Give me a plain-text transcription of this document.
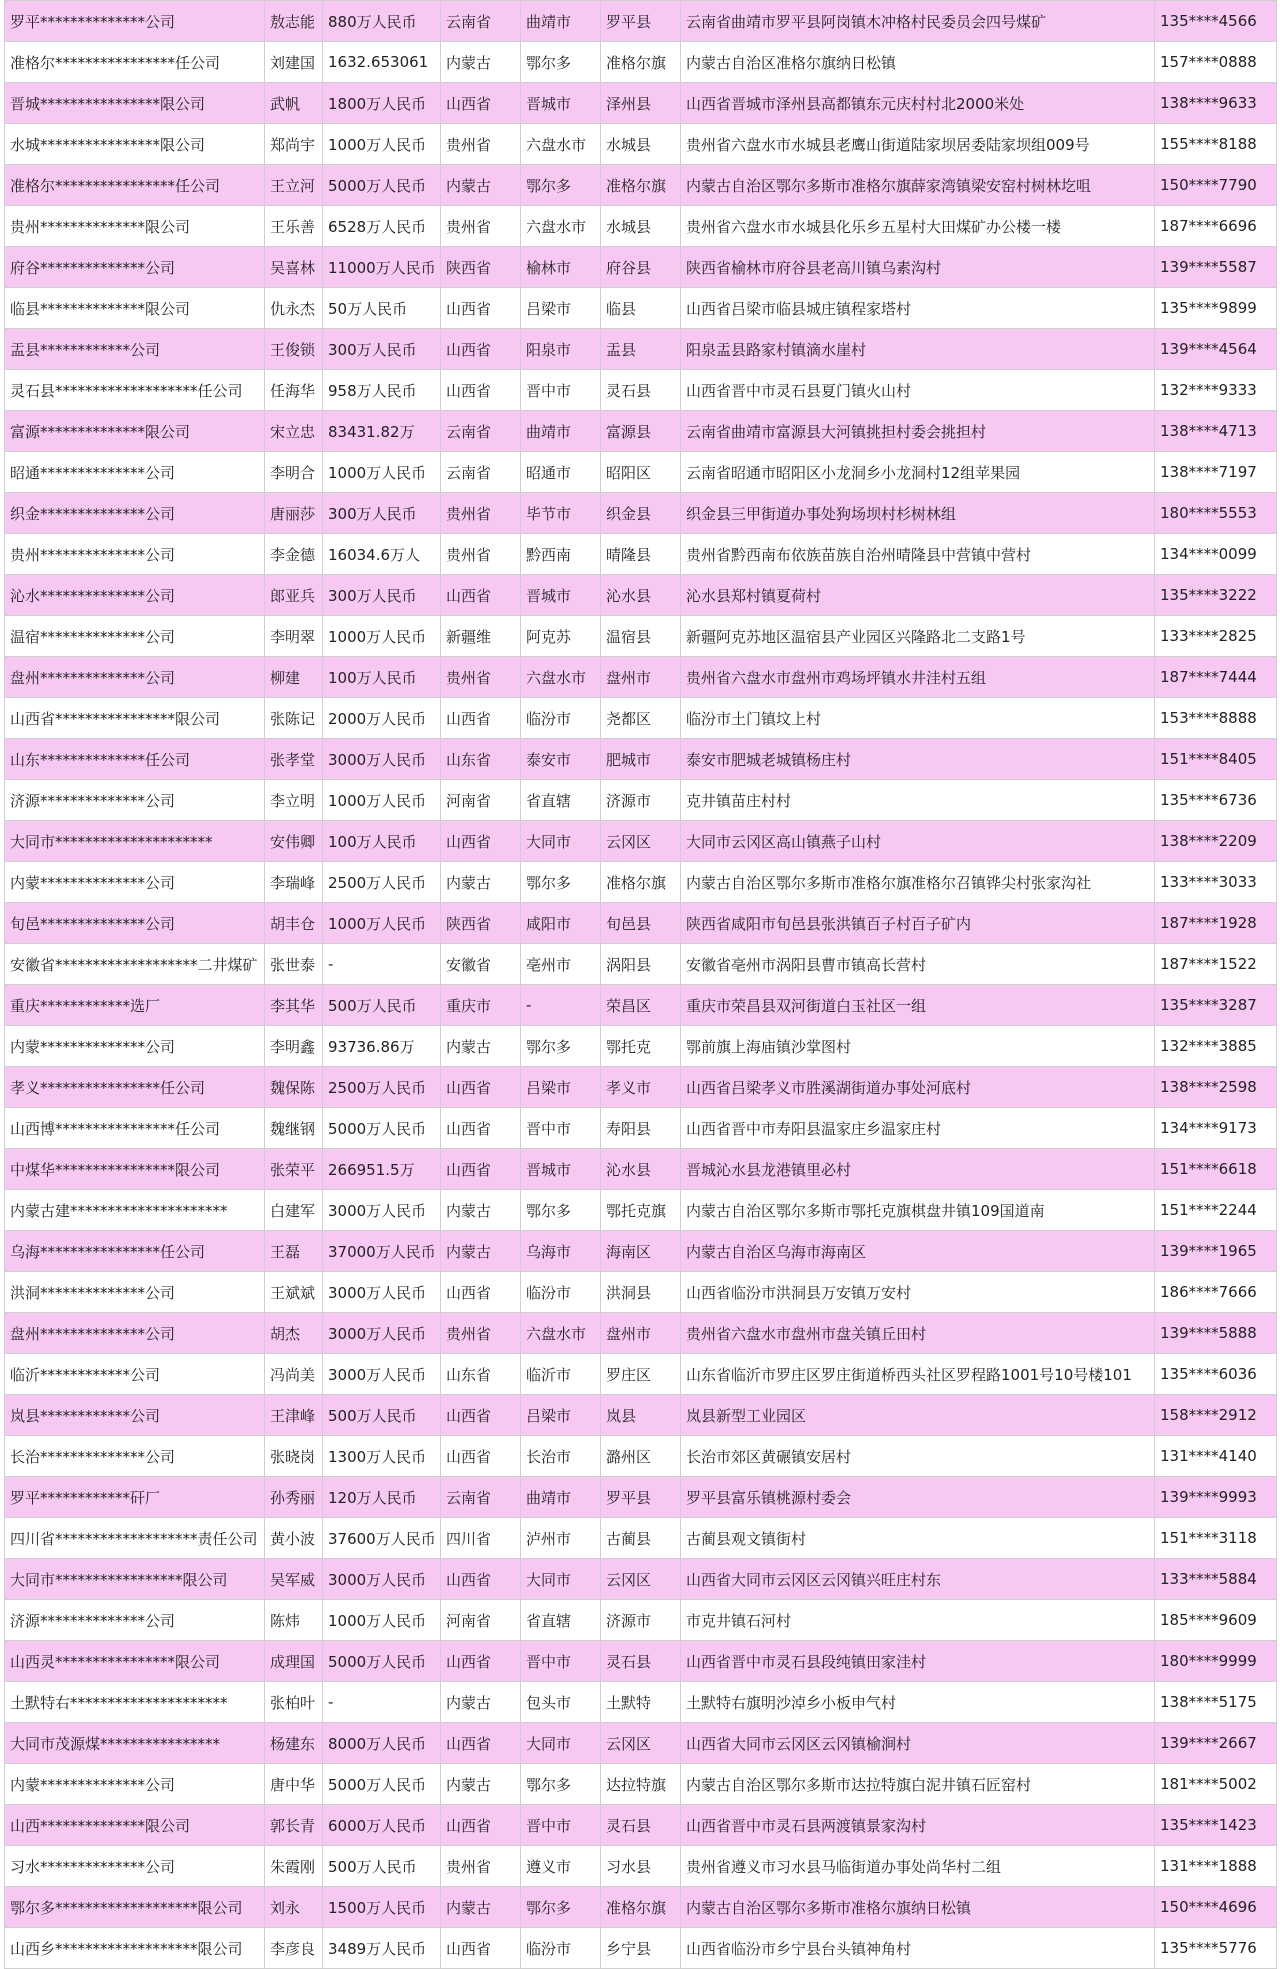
罗平**************公司	敖志能	880万人民币	云南省	曲靖市	罗平县	云南省曲靖市罗平县阿岗镇木冲格村民委员会四号煤矿	135****4566
准格尔****************任公司	刘建国	1632.653061	内蒙古	鄂尔多	准格尔旗	内蒙古自治区准格尔旗纳日松镇	157****0888
晋城****************限公司	武帆	1800万人民币	山西省	晋城市	泽州县	山西省晋城市泽州县高都镇东元庆村村北2000米处	138****9633
水城****************限公司	郑尚宇	1000万人民币	贵州省	六盘水市	水城县	贵州省六盘水市水城县老鹰山街道陆家坝居委陆家坝组009号	155****8188
准格尔****************任公司	王立河	5000万人民币	内蒙古	鄂尔多	准格尔旗	内蒙古自治区鄂尔多斯市准格尔旗薛家湾镇梁安窑村树林圪咀	150****7790
贵州**************限公司	王乐善	6528万人民币	贵州省	六盘水市	水城县	贵州省六盘水市水城县化乐乡五星村大田煤矿办公楼一楼	187****6696
府谷**************公司	吴喜林	11000万人民币	陕西省	榆林市	府谷县	陕西省榆林市府谷县老高川镇乌素沟村	139****5587
临县**************限公司	仇永杰	50万人民币	山西省	吕梁市	临县	山西省吕梁市临县城庄镇程家塔村	135****9899
盂县************公司	王俊锁	300万人民币	山西省	阳泉市	盂县	阳泉盂县路家村镇滴水崖村	139****4564
灵石县*******************任公司	任海华	958万人民币	山西省	晋中市	灵石县	山西省晋中市灵石县夏门镇火山村	132****9333
富源**************限公司	宋立忠	83431.82万	云南省	曲靖市	富源县	云南省曲靖市富源县大河镇挑担村委会挑担村	138****4713
昭通**************公司	李明合	1000万人民币	云南省	昭通市	昭阳区	云南省昭通市昭阳区小龙洞乡小龙洞村12组苹果园	138****7197
织金**************公司	唐丽莎	300万人民币	贵州省	毕节市	织金县	织金县三甲街道办事处狗场坝村杉树林组	180****5553
贵州**************公司	李金德	16034.6万人	贵州省	黔西南	晴隆县	贵州省黔西南布依族苗族自治州晴隆县中营镇中营村	134****0099
沁水**************公司	郎亚兵	300万人民币	山西省	晋城市	沁水县	沁水县郑村镇夏荷村	135****3222
温宿**************公司	李明翠	1000万人民币	新疆维	阿克苏	温宿县	新疆阿克苏地区温宿县产业园区兴隆路北二支路1号	133****2825
盘州**************公司	柳建	100万人民币	贵州省	六盘水市	盘州市	贵州省六盘水市盘州市鸡场坪镇水井洼村五组	187****7444
山西省****************限公司	张陈记	2000万人民币	山西省	临汾市	尧都区	临汾市土门镇坟上村	153****8888
山东**************任公司	张孝堂	3000万人民币	山东省	泰安市	肥城市	泰安市肥城老城镇杨庄村	151****8405
济源**************公司	李立明	1000万人民币	河南省	省直辖	济源市	克井镇苗庄村村	135****6736
大同市*********************	安伟卿	100万人民币	山西省	大同市	云冈区	大同市云冈区高山镇燕子山村	138****2209
内蒙**************公司	李瑞峰	2500万人民币	内蒙古	鄂尔多	准格尔旗	内蒙古自治区鄂尔多斯市准格尔旗准格尔召镇铧尖村张家沟社	133****3033
旬邑**************公司	胡丰仓	1000万人民币	陕西省	咸阳市	旬邑县	陕西省咸阳市旬邑县张洪镇百子村百子矿内	187****1928
安徽省*******************二井煤矿	张世泰	-	安徽省	亳州市	涡阳县	安徽省亳州市涡阳县曹市镇高长营村	187****1522
重庆************选厂	李其华	500万人民币	重庆市	-	荣昌区	重庆市荣昌县双河街道白玉社区一组	135****3287
内蒙**************公司	李明鑫	93736.86万	内蒙古	鄂尔多	鄂托克	鄂前旗上海庙镇沙掌图村	132****3885
孝义****************任公司	魏保陈	2500万人民币	山西省	吕梁市	孝义市	山西省吕梁孝义市胜溪湖街道办事处河底村	138****2598
山西博****************任公司	魏继钢	5000万人民币	山西省	晋中市	寿阳县	山西省晋中市寿阳县温家庄乡温家庄村	134****9173
中煤华****************限公司	张荣平	266951.5万	山西省	晋城市	沁水县	晋城沁水县龙港镇里必村	151****6618
内蒙古建*********************	白建军	3000万人民币	内蒙古	鄂尔多	鄂托克旗	内蒙古自治区鄂尔多斯市鄂托克旗棋盘井镇109国道南	151****2244
乌海****************任公司	王磊	37000万人民币	内蒙古	乌海市	海南区	内蒙古自治区乌海市海南区	139****1965
洪洞**************公司	王斌斌	3000万人民币	山西省	临汾市	洪洞县	山西省临汾市洪洞县万安镇万安村	186****7666
盘州**************公司	胡杰	3000万人民币	贵州省	六盘水市	盘州市	贵州省六盘水市盘州市盘关镇丘田村	139****5888
临沂************公司	冯尚美	3000万人民币	山东省	临沂市	罗庄区	山东省临沂市罗庄区罗庄街道桥西头社区罗程路1001号10号楼101	135****6036
岚县************公司	王津峰	500万人民币	山西省	吕梁市	岚县	岚县新型工业园区	158****2912
长治**************公司	张晓岗	1300万人民币	山西省	长治市	潞州区	长治市郊区黄碾镇安居村	131****4140
罗平************矸厂	孙秀丽	120万人民币	云南省	曲靖市	罗平县	罗平县富乐镇桃源村委会	139****9993
四川省*******************责任公司	黄小波	37600万人民币	四川省	泸州市	古蔺县	古蔺县观文镇街村	151****3118
大同市*****************限公司	吴军威	3000万人民币	山西省	大同市	云冈区	山西省大同市云冈区云冈镇兴旺庄村东	133****5884
济源**************公司	陈炜	1000万人民币	河南省	省直辖	济源市	市克井镇石河村	185****9609
山西灵****************限公司	成理国	5000万人民币	山西省	晋中市	灵石县	山西省晋中市灵石县段纯镇田家洼村	180****9999
土默特右*********************	张柏叶	-	内蒙古	包头市	土默特	土默特右旗明沙淖乡小板申气村	138****5175
大同市茂源煤****************	杨建东	8000万人民币	山西省	大同市	云冈区	山西省大同市云冈区云冈镇榆涧村	139****2667
内蒙**************公司	唐中华	5000万人民币	内蒙古	鄂尔多	达拉特旗	内蒙古自治区鄂尔多斯市达拉特旗白泥井镇石匠窑村	181****5002
山西**************限公司	郭长青	6000万人民币	山西省	晋中市	灵石县	山西省晋中市灵石县两渡镇景家沟村	135****1423
习水**************公司	朱霞刚	500万人民币	贵州省	遵义市	习水县	贵州省遵义市习水县马临街道办事处尚华村二组	131****1888
鄂尔多*******************限公司	刘永	1500万人民币	内蒙古	鄂尔多	准格尔旗	内蒙古自治区鄂尔多斯市准格尔旗纳日松镇	150****4696
山西乡*******************限公司	李彦良	3489万人民币	山西省	临汾市	乡宁县	山西省临汾市乡宁县台头镇神角村	135****5776
